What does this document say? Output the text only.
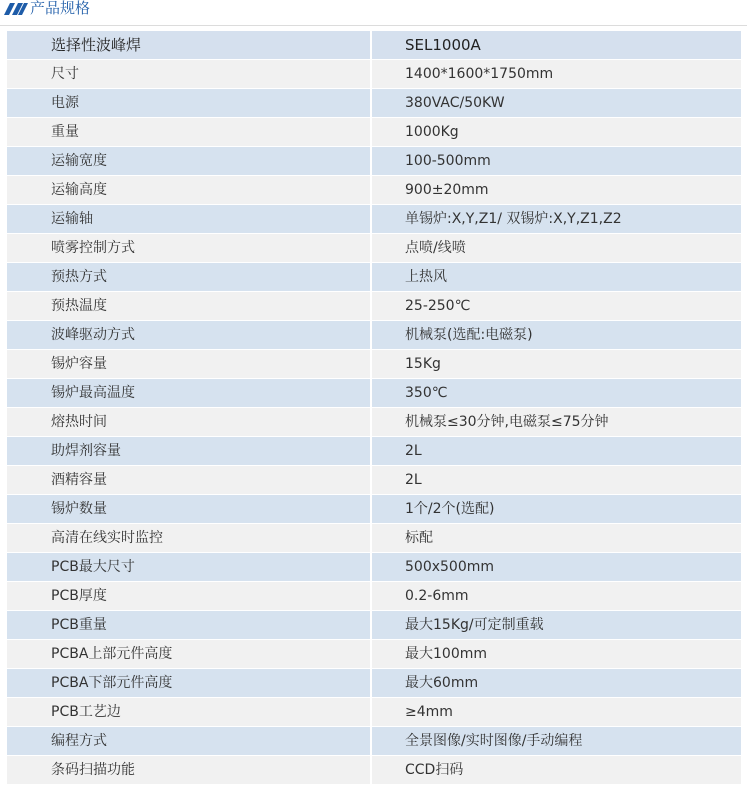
产品规格
选择性波峰焊	SEL1000A
尺寸	1400*1600*1750mm
电源	380VAC/50KW
重量	1000Kg
运输宽度	100-500mm
运输高度	900±20mm
运输轴	单锡炉:X,Y,Z1/ 双锡炉:X,Y,Z1,Z2
喷雾控制方式	点喷/线喷
预热方式	上热风
预热温度	25-250℃
波峰驱动方式	机械泵(选配:电磁泵)
锡炉容量	15Kg
锡炉最高温度	350℃
熔热时间	机械泵≤30分钟,电磁泵≤75分钟
助焊剂容量	2L
酒精容量	2L
锡炉数量	1个/2个(选配)
高清在线实时监控	标配
PCB最大尺寸	500x500mm
PCB厚度	0.2-6mm
PCB重量	最大15Kg/可定制重载
PCBA上部元件高度	最大100mm
PCBA下部元件高度	最大60mm
PCB工艺边	≥4mm
编程方式	全景图像/实时图像/手动编程
条码扫描功能	CCD扫码
